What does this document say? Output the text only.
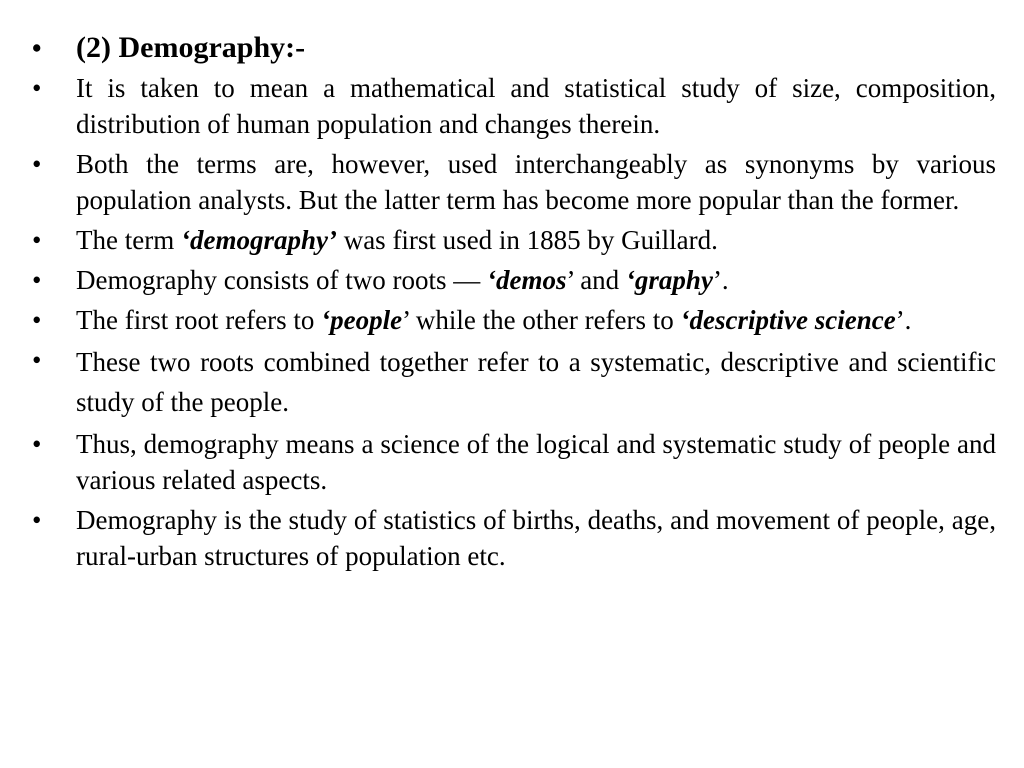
• (2) Demography:-
• It is taken to mean a mathematical and statistical study of size, composition, distribution of human population and changes therein.
• Both the terms are, however, used interchangeably as synonyms by various population analysts. But the latter term has become more popular than the former.
• The term ‘demography’ was first used in 1885 by Guillard.
• Demography consists of two roots — ‘demos’ and ‘graphy’.
• The first root refers to ‘people’ while the other refers to ‘descriptive science’.
• These two roots combined together refer to a systematic, descriptive and scientific study of the people.
• Thus, demography means a science of the logical and systematic study of people and various related aspects.
• Demography is the study of statistics of births, deaths, and movement of people, age, rural-urban structures of population etc.
